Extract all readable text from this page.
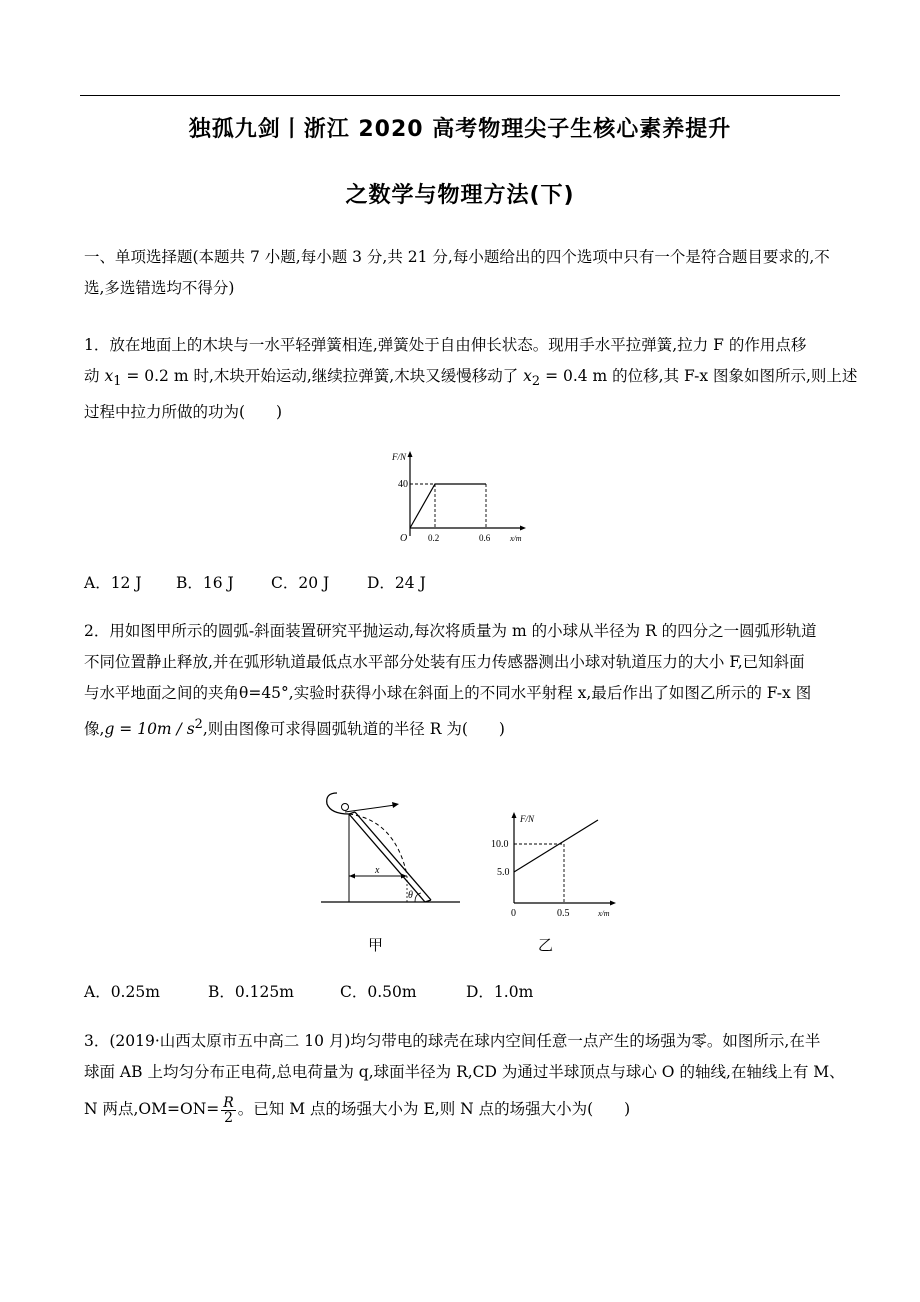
独孤九剑丨浙江 2020 高考物理尖子生核心素养提升
之数学与物理方法(下)
一、单项选择题(本题共 7 小题,每小题 3 分,共 21 分,每小题给出的四个选项中只有一个是符合题目要求的,不
选,多选错选均不得分)
1．放在地面上的木块与一水平轻弹簧相连,弹簧处于自由伸长状态。现用手水平拉弹簧,拉力 F 的作用点移
动 $x_1 = 0.2$ m 时,木块开始运动,继续拉弹簧,木块又缓慢移动了 $x_2 = 0.4$ m 的位移,其 F-x 图象如图所示,则上述
过程中拉力所做的功为(　　)
F/N
40
O 0.2	0.6 x/m
A．12 J B．16 J C．20 J D．24 J
2．用如图甲所示的圆弧-斜面装置研究平抛运动,每次将质量为 m 的小球从半径为 R 的四分之一圆弧形轨道
不同位置静止释放,并在弧形轨道最低点水平部分处装有压力传感器测出小球对轨道压力的大小 F,已知斜面
与水平地面之间的夹角θ=45°,实验时获得小球在斜面上的不同水平射程 x,最后作出了如图乙所示的 F-x 图
像$,g = 10m / s^2$,则由图像可求得圆弧轨道的半径 R 为(　　)
x
θ
甲
F/N
10.0
5.0
0	0.5	x/m
乙
A．0.25m	B．0.125m	C．0.50m	D．1.0m
3．(2019·山西太原市五中高二 10 月)均匀带电的球壳在球内空间任意一点产生的场强为零。如图所示,在半
球面 AB 上均匀分布正电荷,总电荷量为 q,球面半径为 R,CD 为通过半球顶点与球心 O 的轴线,在轴线上有 M、
N 两点$,OM=ON= \frac{R}{2}$ 。已知 M 点的场强大小为 E,则 N 点的场强大小为(　　)
